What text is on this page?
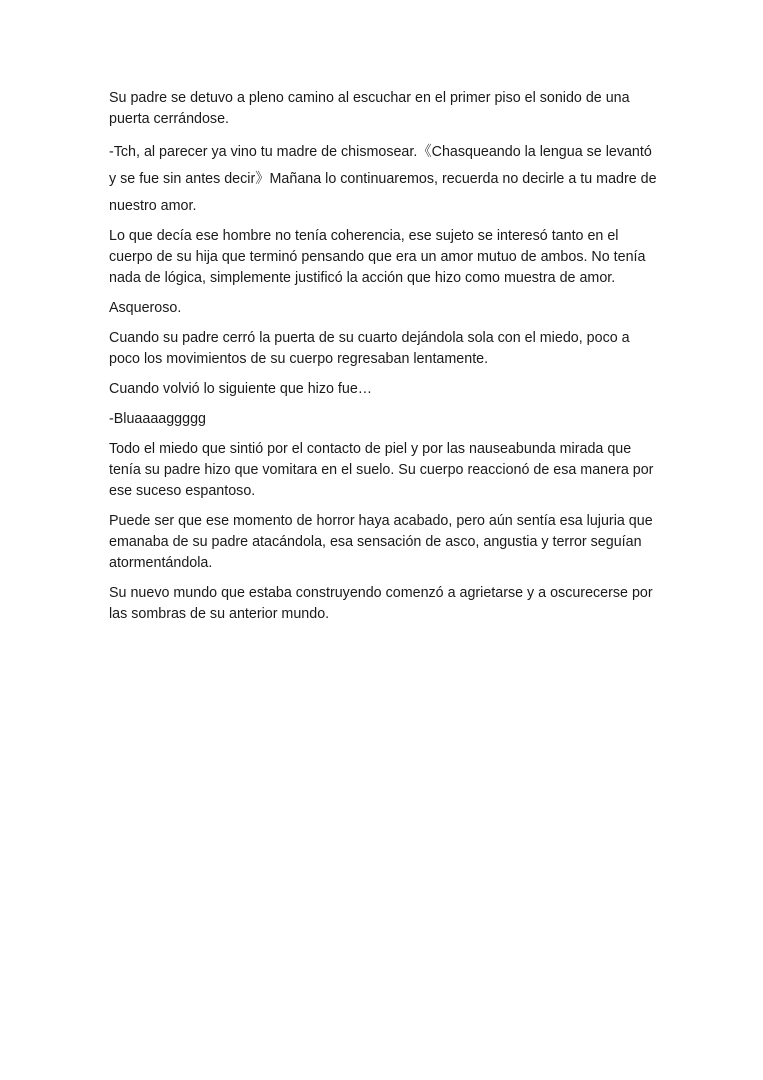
Su padre se detuvo a pleno camino al escuchar en el primer piso el sonido de una puerta cerrándose.

-Tch, al parecer ya vino tu madre de chismosear.《Chasqueando la lengua se levantó y se fue sin antes decir》Mañana lo continuaremos, recuerda no decirle a tu madre de nuestro amor.

Lo que decía ese hombre no tenía coherencia, ese sujeto se interesó tanto en el cuerpo de su hija que terminó pensando que era un amor mutuo de ambos. No tenía nada de lógica, simplemente justificó la acción que hizo como muestra de amor.

Asqueroso.

Cuando su padre cerró la puerta de su cuarto dejándola sola con el miedo, poco a poco los movimientos de su cuerpo regresaban lentamente.

Cuando volvió lo siguiente que hizo fue…

-Bluaaaaggggg

Todo el miedo que sintió por el contacto de piel y por las nauseabunda mirada que tenía su padre hizo que vomitara en el suelo. Su cuerpo reaccionó de esa manera por ese suceso espantoso.

Puede ser que ese momento de horror haya acabado, pero aún sentía esa lujuria que emanaba de su padre atacándola, esa sensación de asco, angustia y terror seguían atormentándola.

Su nuevo mundo que estaba construyendo comenzó a agrietarse y a oscurecerse por las sombras de su anterior mundo.
